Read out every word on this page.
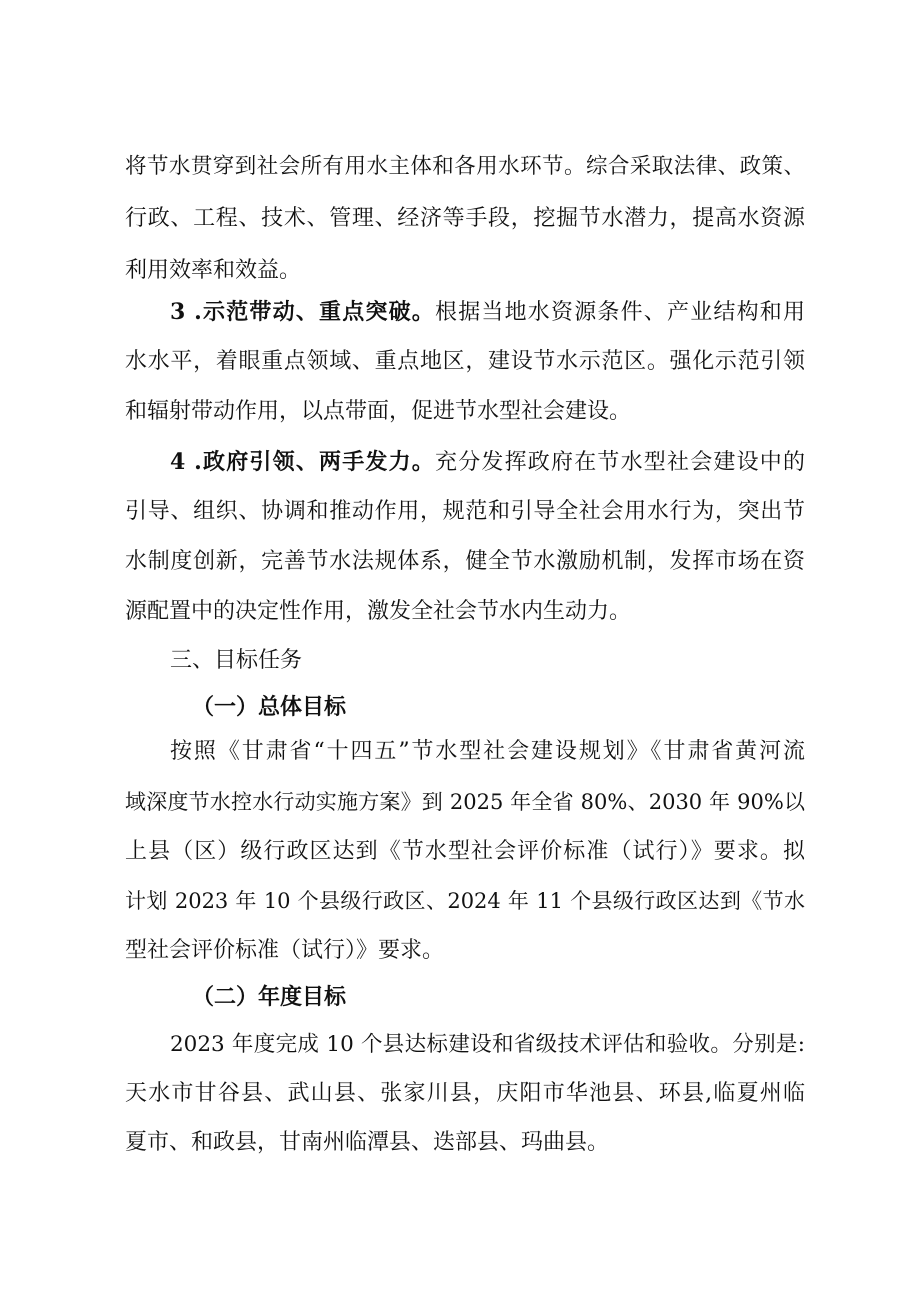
将节水贯穿到社会所有用水主体和各用水环节。综合采取法律、政策、
行政、工程、技术、管理、经济等手段，挖掘节水潜力，提高水资源
利用效率和效益。
3 .示范带动、重点突破。根据当地水资源条件、产业结构和用
水水平，着眼重点领域、重点地区，建设节水示范区。强化示范引领
和辐射带动作用，以点带面，促进节水型社会建设。
4 .政府引领、两手发力。充分发挥政府在节水型社会建设中的
引导、组织、协调和推动作用，规范和引导全社会用水行为，突出节
水制度创新，完善节水法规体系，健全节水激励机制，发挥市场在资
源配置中的决定性作用，激发全社会节水内生动力。
三、目标任务
（一）总体目标
按照《甘肃省“十四五”节水型社会建设规划》《甘肃省黄河流
域深度节水控水行动实施方案》到 2025 年全省 80%、2030 年 90%以
上县（区）级行政区达到《节水型社会评价标准（试行）》要求。拟
计划 2023 年 10 个县级行政区、2024 年 11 个县级行政区达到《节水
型社会评价标准（试行）》要求。
（二）年度目标
2023 年度完成 10 个县达标建设和省级技术评估和验收。分别是:
天水市甘谷县、武山县、张家川县，庆阳市华池县、环县,临夏州临
夏市、和政县，甘南州临潭县、迭部县、玛曲县。
